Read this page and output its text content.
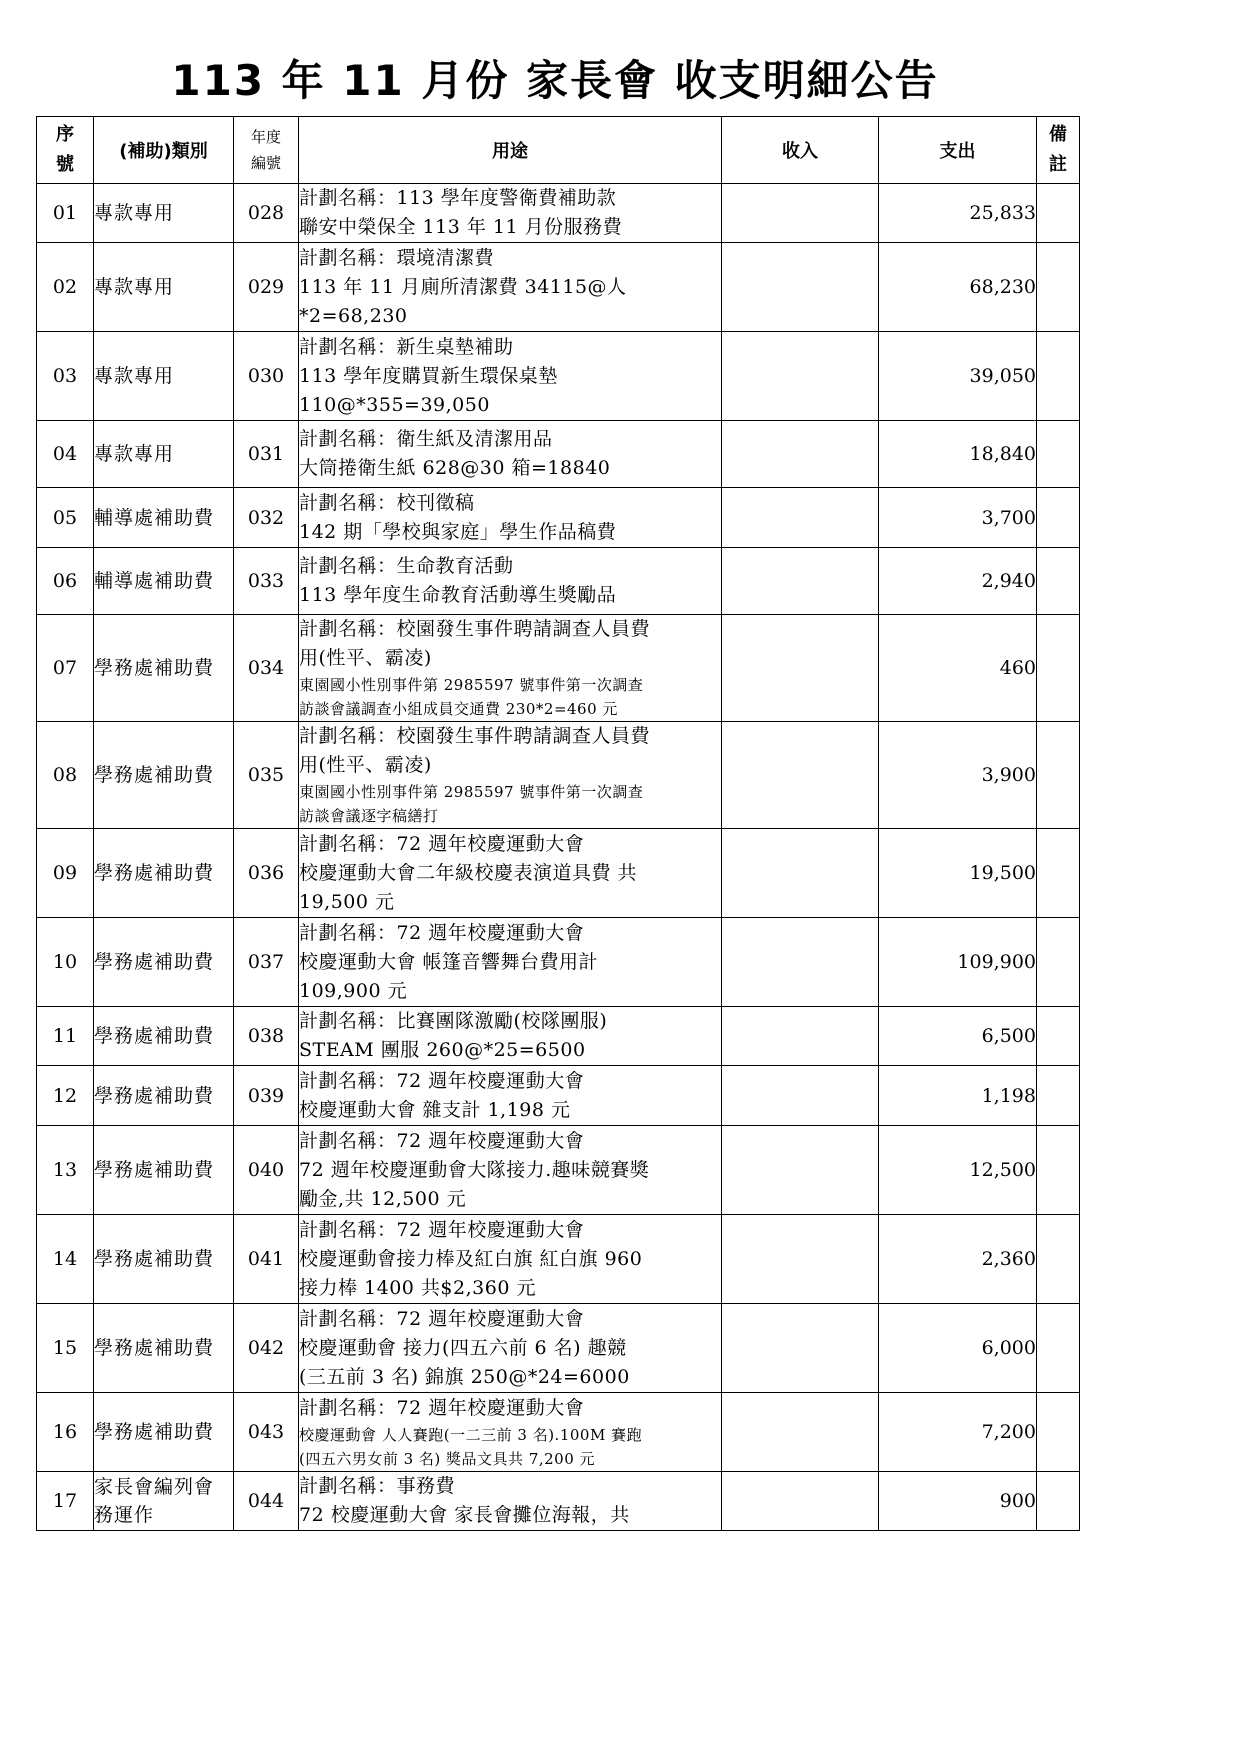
113 年 11 月份 家長會 收支明細公告
序
號	(補助)類別	年度
編號	用途	收入	支出	備
註

01	專款專用	028	計劃名稱：113 學年度警衛費補助款
聯安中榮保全 113 年 11 月份服務費		25,833	
02	專款專用	029	計劃名稱：環境清潔費
113 年 11 月廁所清潔費 34115@人
*2=68,230		68,230	
03	專款專用	030	計劃名稱：新生桌墊補助
113 學年度購買新生環保桌墊
110@*355=39,050		39,050	
04	專款專用	031	計劃名稱：衛生紙及清潔用品
大筒捲衛生紙 628@30 箱=18840		18,840	
05	輔導處補助費	032	計劃名稱：校刊徵稿
142 期「學校與家庭」學生作品稿費		3,700	
06	輔導處補助費	033	計劃名稱：生命教育活動
113 學年度生命教育活動導生獎勵品		2,940	
07	學務處補助費	034	計劃名稱：校園發生事件聘請調查人員費
用(性平、霸凌)
東園國小性別事件第 2985597 號事件第一次調查
訪談會議調查小組成員交通費 230*2=460 元		460	
08	學務處補助費	035	計劃名稱：校園發生事件聘請調查人員費
用(性平、霸凌)
東園國小性別事件第 2985597 號事件第一次調查
訪談會議逐字稿繕打		3,900	
09	學務處補助費	036	計劃名稱：72 週年校慶運動大會
校慶運動大會二年級校慶表演道具費 共
19,500 元		19,500	
10	學務處補助費	037	計劃名稱：72 週年校慶運動大會
校慶運動大會 帳篷音響舞台費用計
109,900 元		109,900	
11	學務處補助費	038	計劃名稱：比賽團隊激勵(校隊團服)
STEAM 團服 260@*25=6500		6,500	
12	學務處補助費	039	計劃名稱：72 週年校慶運動大會
校慶運動大會 雜支計 1,198 元		1,198	
13	學務處補助費	040	計劃名稱：72 週年校慶運動大會
72 週年校慶運動會大隊接力.趣味競賽獎
勵金,共 12,500 元		12,500	
14	學務處補助費	041	計劃名稱：72 週年校慶運動大會
校慶運動會接力棒及紅白旗 紅白旗 960
接力棒 1400 共$2,360 元		2,360	
15	學務處補助費	042	計劃名稱：72 週年校慶運動大會
校慶運動會 接力(四五六前 6 名) 趣競
(三五前 3 名) 錦旗 250@*24=6000		6,000	
16	學務處補助費	043	計劃名稱：72 週年校慶運動大會
校慶運動會 人人賽跑(一二三前 3 名).100M 賽跑
(四五六男女前 3 名) 獎品文具共 7,200 元		7,200	
17	家長會編列會務運作	044	計劃名稱：事務費
72 校慶運動大會 家長會攤位海報，共		900	
